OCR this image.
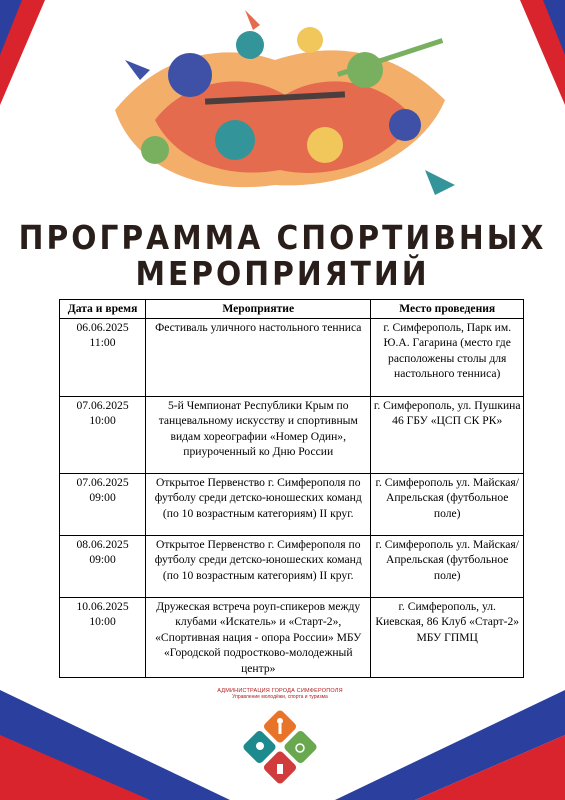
ПРОГРАММА СПОРТИВНЫХ
МЕРОПРИЯТИЙ
Дата и время	Мероприятие	Место проведения

06.06.2025
11:00	Фестиваль уличного настольного тенниса	г. Симферополь, Парк им. Ю.А. Гагарина (место где расположены столы для настольного тенниса)

07.06.2025
10:00	5-й Чемпионат Республики Крым по танцевальному искусству и спортивным видам хореографии «Номер Один», приуроченный ко Дню России	г. Симферополь, ул. Пушкина 46 ГБУ «ЦСП СК РК»

07.06.2025
09:00	Открытое Первенство г. Симферополя по футболу среди детско-юношеских команд (по 10 возрастным категориям) II круг.	г. Симферополь ул. Майская/Апрельская (футбольное поле)

08.06.2025
09:00	Открытое Первенство г. Симферополя по футболу среди детско-юношеских команд (по 10 возрастным категориям) II круг.	г. Симферополь ул. Майская/Апрельская (футбольное поле)

10.06.2025
10:00	Дружеская встреча роуп-спикеров между клубами «Искатель» и «Старт-2», «Спортивная нация - опора России» МБУ «Городской подростково-молодежный центр»	г. Симферополь, ул. Киевская, 86 Клуб «Старт-2» МБУ ГПМЦ
АДМИНИСТРАЦИЯ ГОРОДА СИМФЕРОПОЛЯ
Управление молодёжи, спорта и туризма
